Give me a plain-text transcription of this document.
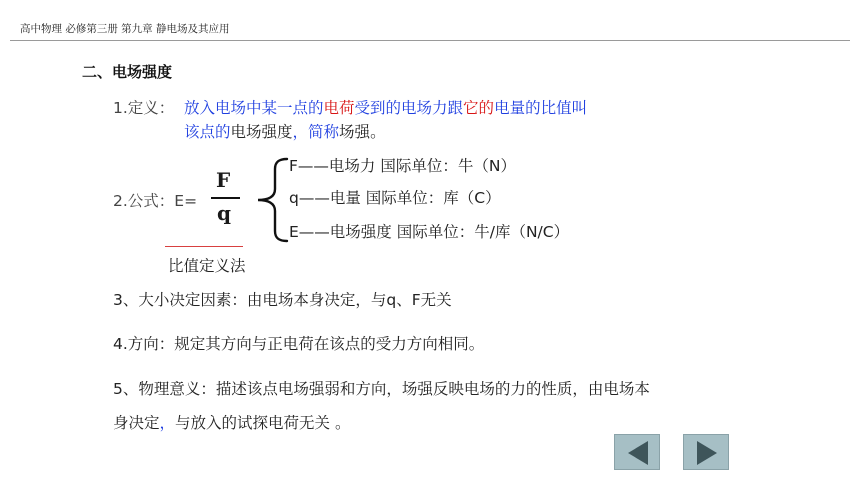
高中物理 必修第三册 第九章 静电场及其应用
二、电场强度
1.定义： 放入电场中某一点的电荷受到的电场力跟它的电量的比值叫
该点的电场强度，简称场强。
2.公式：E=
F
q
F——电场力 国际单位：牛（N）
q——电量 国际单位：库（C）
E——电场强度 国际单位：牛/库（N/C）
比值定义法
3、大小决定因素：由电场本身决定，与q、F无关
4.方向：规定其方向与正电荷在该点的受力方向相同。
5、物理意义：描述该点电场强弱和方向，场强反映电场的力的性质，由电场本
身决定，与放入的试探电荷无关 。
